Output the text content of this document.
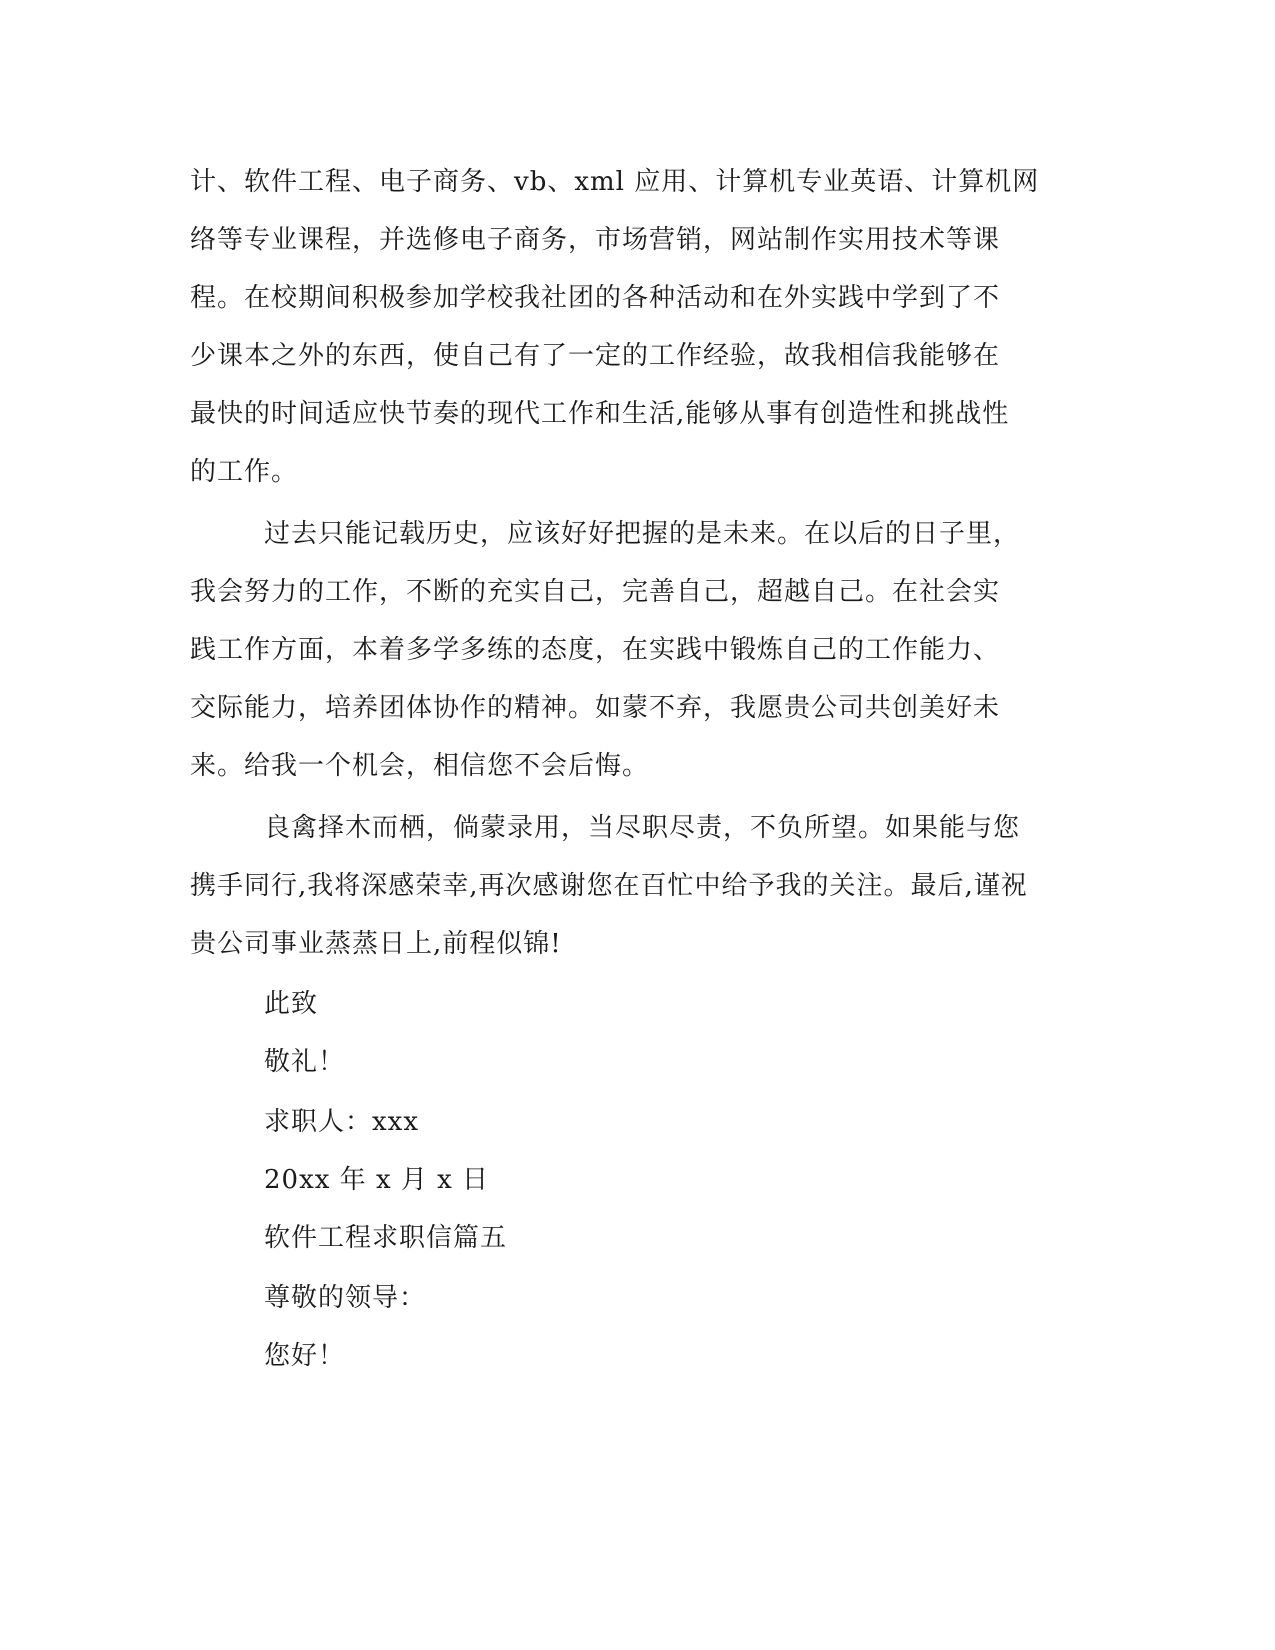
计、软件工程、电子商务、vb、xml 应用、计算机专业英语、计算机网
络等专业课程，并选修电子商务，市场营销，网站制作实用技术等课
程。在校期间积极参加学校我社团的各种活动和在外实践中学到了不
少课本之外的东西，使自己有了一定的工作经验，故我相信我能够在
最快的时间适应快节奏的现代工作和生活,能够从事有创造性和挑战性
的工作。
过去只能记载历史，应该好好把握的是未来。在以后的日子里，
我会努力的工作，不断的充实自己，完善自己，超越自己。在社会实
践工作方面，本着多学多练的态度，在实践中锻炼自己的工作能力、
交际能力，培养团体协作的精神。如蒙不弃，我愿贵公司共创美好未
来。给我一个机会，相信您不会后悔。
良禽择木而栖，倘蒙录用，当尽职尽责，不负所望。如果能与您
携手同行,我将深感荣幸,再次感谢您在百忙中给予我的关注。最后,谨祝
贵公司事业蒸蒸日上,前程似锦!
此致
敬礼！
求职人：xxx
20xx 年 x 月 x 日
软件工程求职信篇五
尊敬的领导：
您好！
